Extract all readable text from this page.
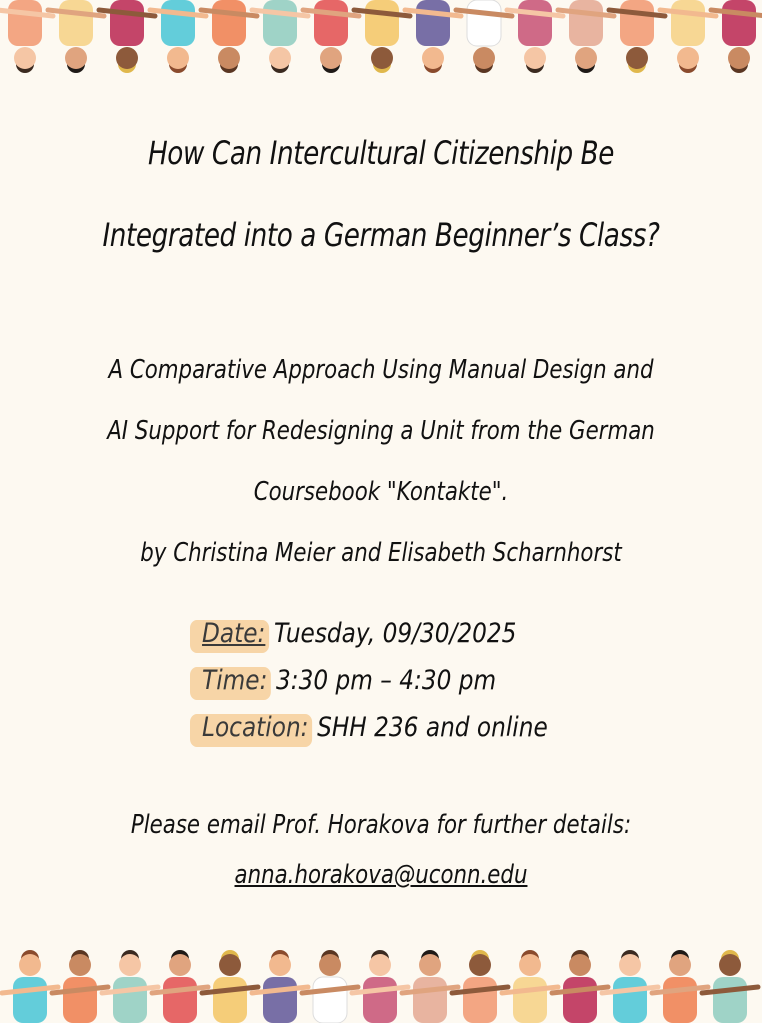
How Can Intercultural Citizenship Be
Integrated into a German Beginner’s Class?
A Comparative Approach Using Manual Design and
AI Support for Redesigning a Unit from the German
Coursebook "Kontakte".
by Christina Meier and Elisabeth Scharnhorst
Date: Tuesday, 09/30/2025
Time: 3:30 pm – 4:30 pm
Location: SHH 236 and online
Please email Prof. Horakova for further details:
anna.horakova@uconn.edu
